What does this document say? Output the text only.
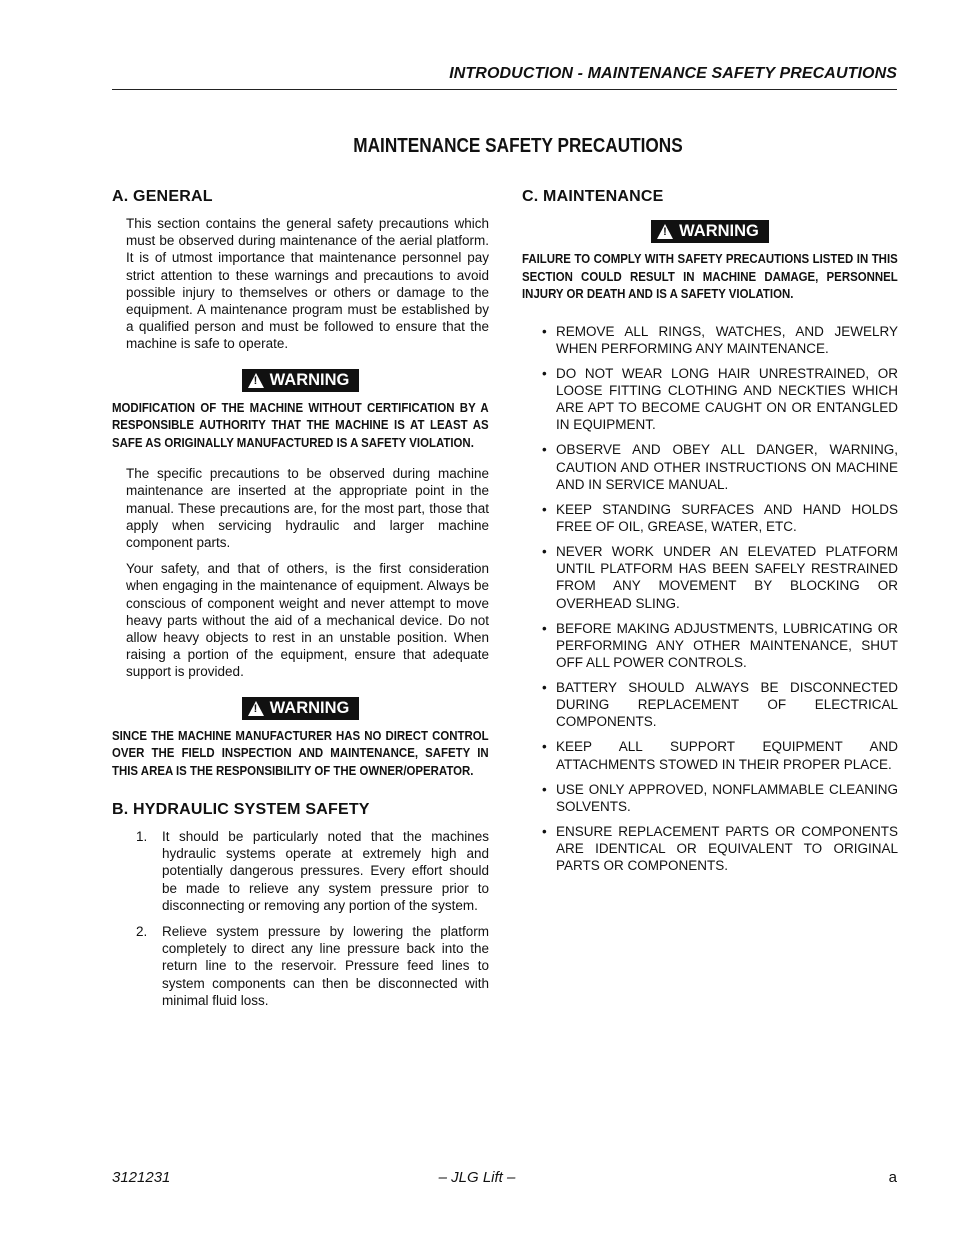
INTRODUCTION - MAINTENANCE SAFETY PRECAUTIONS
MAINTENANCE SAFETY PRECAUTIONS
A. GENERAL

This section contains the general safety precautions which must be observed during maintenance of the aerial platform. It is of utmost importance that maintenance personnel pay strict attention to these warnings and precautions to avoid possible injury to themselves or others or damage to the equipment. A maintenance program must be established by a qualified person and must be followed to ensure that the machine is safe to operate.

! WARNING
MODIFICATION OF THE MACHINE WITHOUT CERTIFICATION BY A RESPONSIBLE AUTHORITY THAT THE MACHINE IS AT LEAST AS SAFE AS ORIGINALLY MANUFACTURED IS A SAFETY VIOLATION.

The specific precautions to be observed during machine maintenance are inserted at the appropriate point in the manual. These precautions are, for the most part, those that apply when servicing hydraulic and larger machine component parts.

Your safety, and that of others, is the first consideration when engaging in the maintenance of equipment. Always be conscious of component weight and never attempt to move heavy parts without the aid of a mechanical device. Do not allow heavy objects to rest in an unstable position. When raising a portion of the equipment, ensure that adequate support is provided.

! WARNING
SINCE THE MACHINE MANUFACTURER HAS NO DIRECT CONTROL OVER THE FIELD INSPECTION AND MAINTENANCE, SAFETY IN THIS AREA IS THE RESPONSIBILITY OF THE OWNER/OPERATOR.
B. HYDRAULIC SYSTEM SAFETY
1.	It should be particularly noted that the machines hydraulic systems operate at extremely high and potentially dangerous pressures. Every effort should be made to relieve any system pressure prior to disconnecting or removing any portion of the system.
2.	Relieve system pressure by lowering the platform completely to direct any line pressure back into the return line to the reservoir. Pressure feed lines to system components can then be disconnected with minimal fluid loss.
C. MAINTENANCE
! WARNING
FAILURE TO COMPLY WITH SAFETY PRECAUTIONS LISTED IN THIS SECTION COULD RESULT IN MACHINE DAMAGE, PERSONNEL INJURY OR DEATH AND IS A SAFETY VIOLATION.
• REMOVE ALL RINGS, WATCHES, AND JEWELRY WHEN PERFORMING ANY MAINTENANCE.
• DO NOT WEAR LONG HAIR UNRESTRAINED, OR LOOSE FITTING CLOTHING AND NECKTIES WHICH ARE APT TO BECOME CAUGHT ON OR ENTANGLED IN EQUIPMENT.
• OBSERVE AND OBEY ALL DANGER, WARNING, CAUTION AND OTHER INSTRUCTIONS ON MACHINE AND IN SERVICE MANUAL.
• KEEP STANDING SURFACES AND HAND HOLDS FREE OF OIL, GREASE, WATER, ETC.
• NEVER WORK UNDER AN ELEVATED PLATFORM UNTIL PLATFORM HAS BEEN SAFELY RESTRAINED FROM ANY MOVEMENT BY BLOCKING OR OVERHEAD SLING.
• BEFORE MAKING ADJUSTMENTS, LUBRICATING OR PERFORMING ANY OTHER MAINTENANCE, SHUT OFF ALL POWER CONTROLS.
• BATTERY SHOULD ALWAYS BE DISCONNECTED DURING REPLACEMENT OF ELECTRICAL COMPONENTS.
• KEEP ALL SUPPORT EQUIPMENT AND ATTACHMENTS STOWED IN THEIR PROPER PLACE.
• USE ONLY APPROVED, NONFLAMMABLE CLEANING SOLVENTS.
• ENSURE REPLACEMENT PARTS OR COMPONENTS ARE IDENTICAL OR EQUIVALENT TO ORIGINAL PARTS OR COMPONENTS.
3121231	– JLG Lift –	a
